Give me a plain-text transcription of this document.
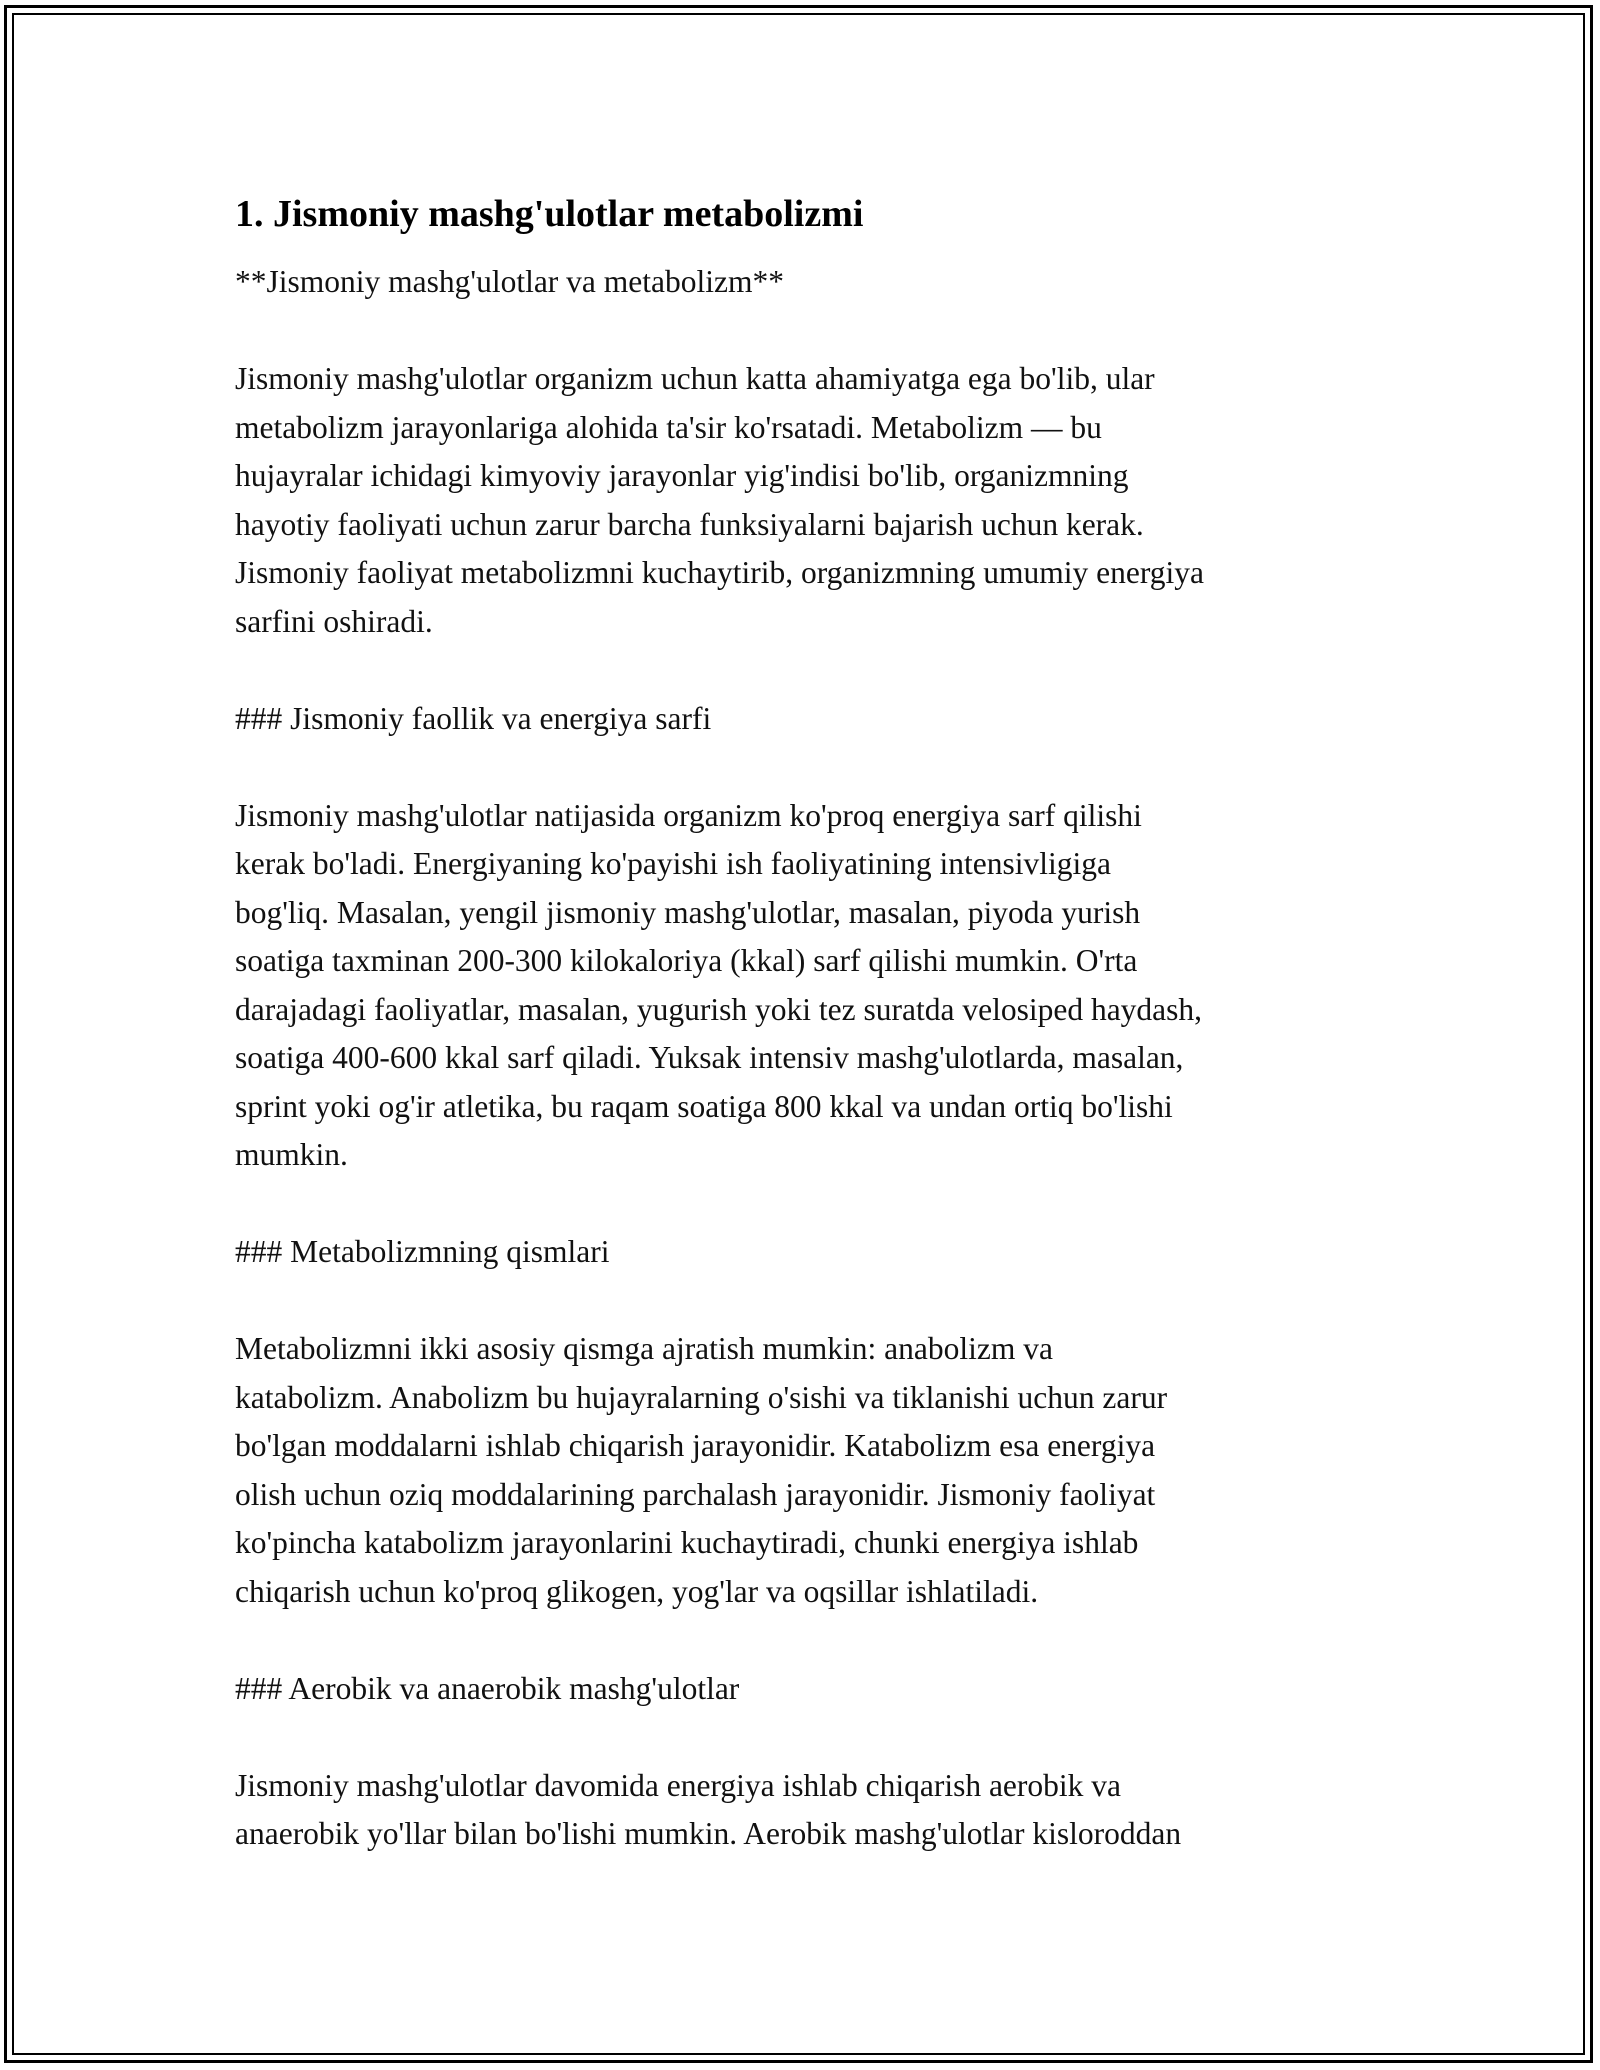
1. Jismoniy mashg'ulotlar metabolizmi

**Jismoniy mashg'ulotlar va metabolizm**

Jismoniy mashg'ulotlar organizm uchun katta ahamiyatga ega bo'lib, ular

metabolizm jarayonlariga alohida ta'sir ko'rsatadi. Metabolizm — bu

hujayralar ichidagi kimyoviy jarayonlar yig'indisi bo'lib, organizmning

hayotiy faoliyati uchun zarur barcha funksiyalarni bajarish uchun kerak.

Jismoniy faoliyat metabolizmni kuchaytirib, organizmning umumiy energiya

sarfini oshiradi.

### Jismoniy faollik va energiya sarfi

Jismoniy mashg'ulotlar natijasida organizm ko'proq energiya sarf qilishi

kerak bo'ladi. Energiyaning ko'payishi ish faoliyatining intensivligiga

bog'liq. Masalan, yengil jismoniy mashg'ulotlar, masalan, piyoda yurish

soatiga taxminan 200-300 kilokaloriya (kkal) sarf qilishi mumkin. O'rta

darajadagi faoliyatlar, masalan, yugurish yoki tez suratda velosiped haydash,

soatiga 400-600 kkal sarf qiladi. Yuksak intensiv mashg'ulotlarda, masalan,

sprint yoki og'ir atletika, bu raqam soatiga 800 kkal va undan ortiq bo'lishi

mumkin.

### Metabolizmning qismlari

Metabolizmni ikki asosiy qismga ajratish mumkin: anabolizm va

katabolizm. Anabolizm bu hujayralarning o'sishi va tiklanishi uchun zarur

bo'lgan moddalarni ishlab chiqarish jarayonidir. Katabolizm esa energiya

olish uchun oziq moddalarining parchalash jarayonidir. Jismoniy faoliyat

ko'pincha katabolizm jarayonlarini kuchaytiradi, chunki energiya ishlab

chiqarish uchun ko'proq glikogen, yog'lar va oqsillar ishlatiladi.

### Aerobik va anaerobik mashg'ulotlar

Jismoniy mashg'ulotlar davomida energiya ishlab chiqarish aerobik va

anaerobik yo'llar bilan bo'lishi mumkin. Aerobik mashg'ulotlar kisloroddan
